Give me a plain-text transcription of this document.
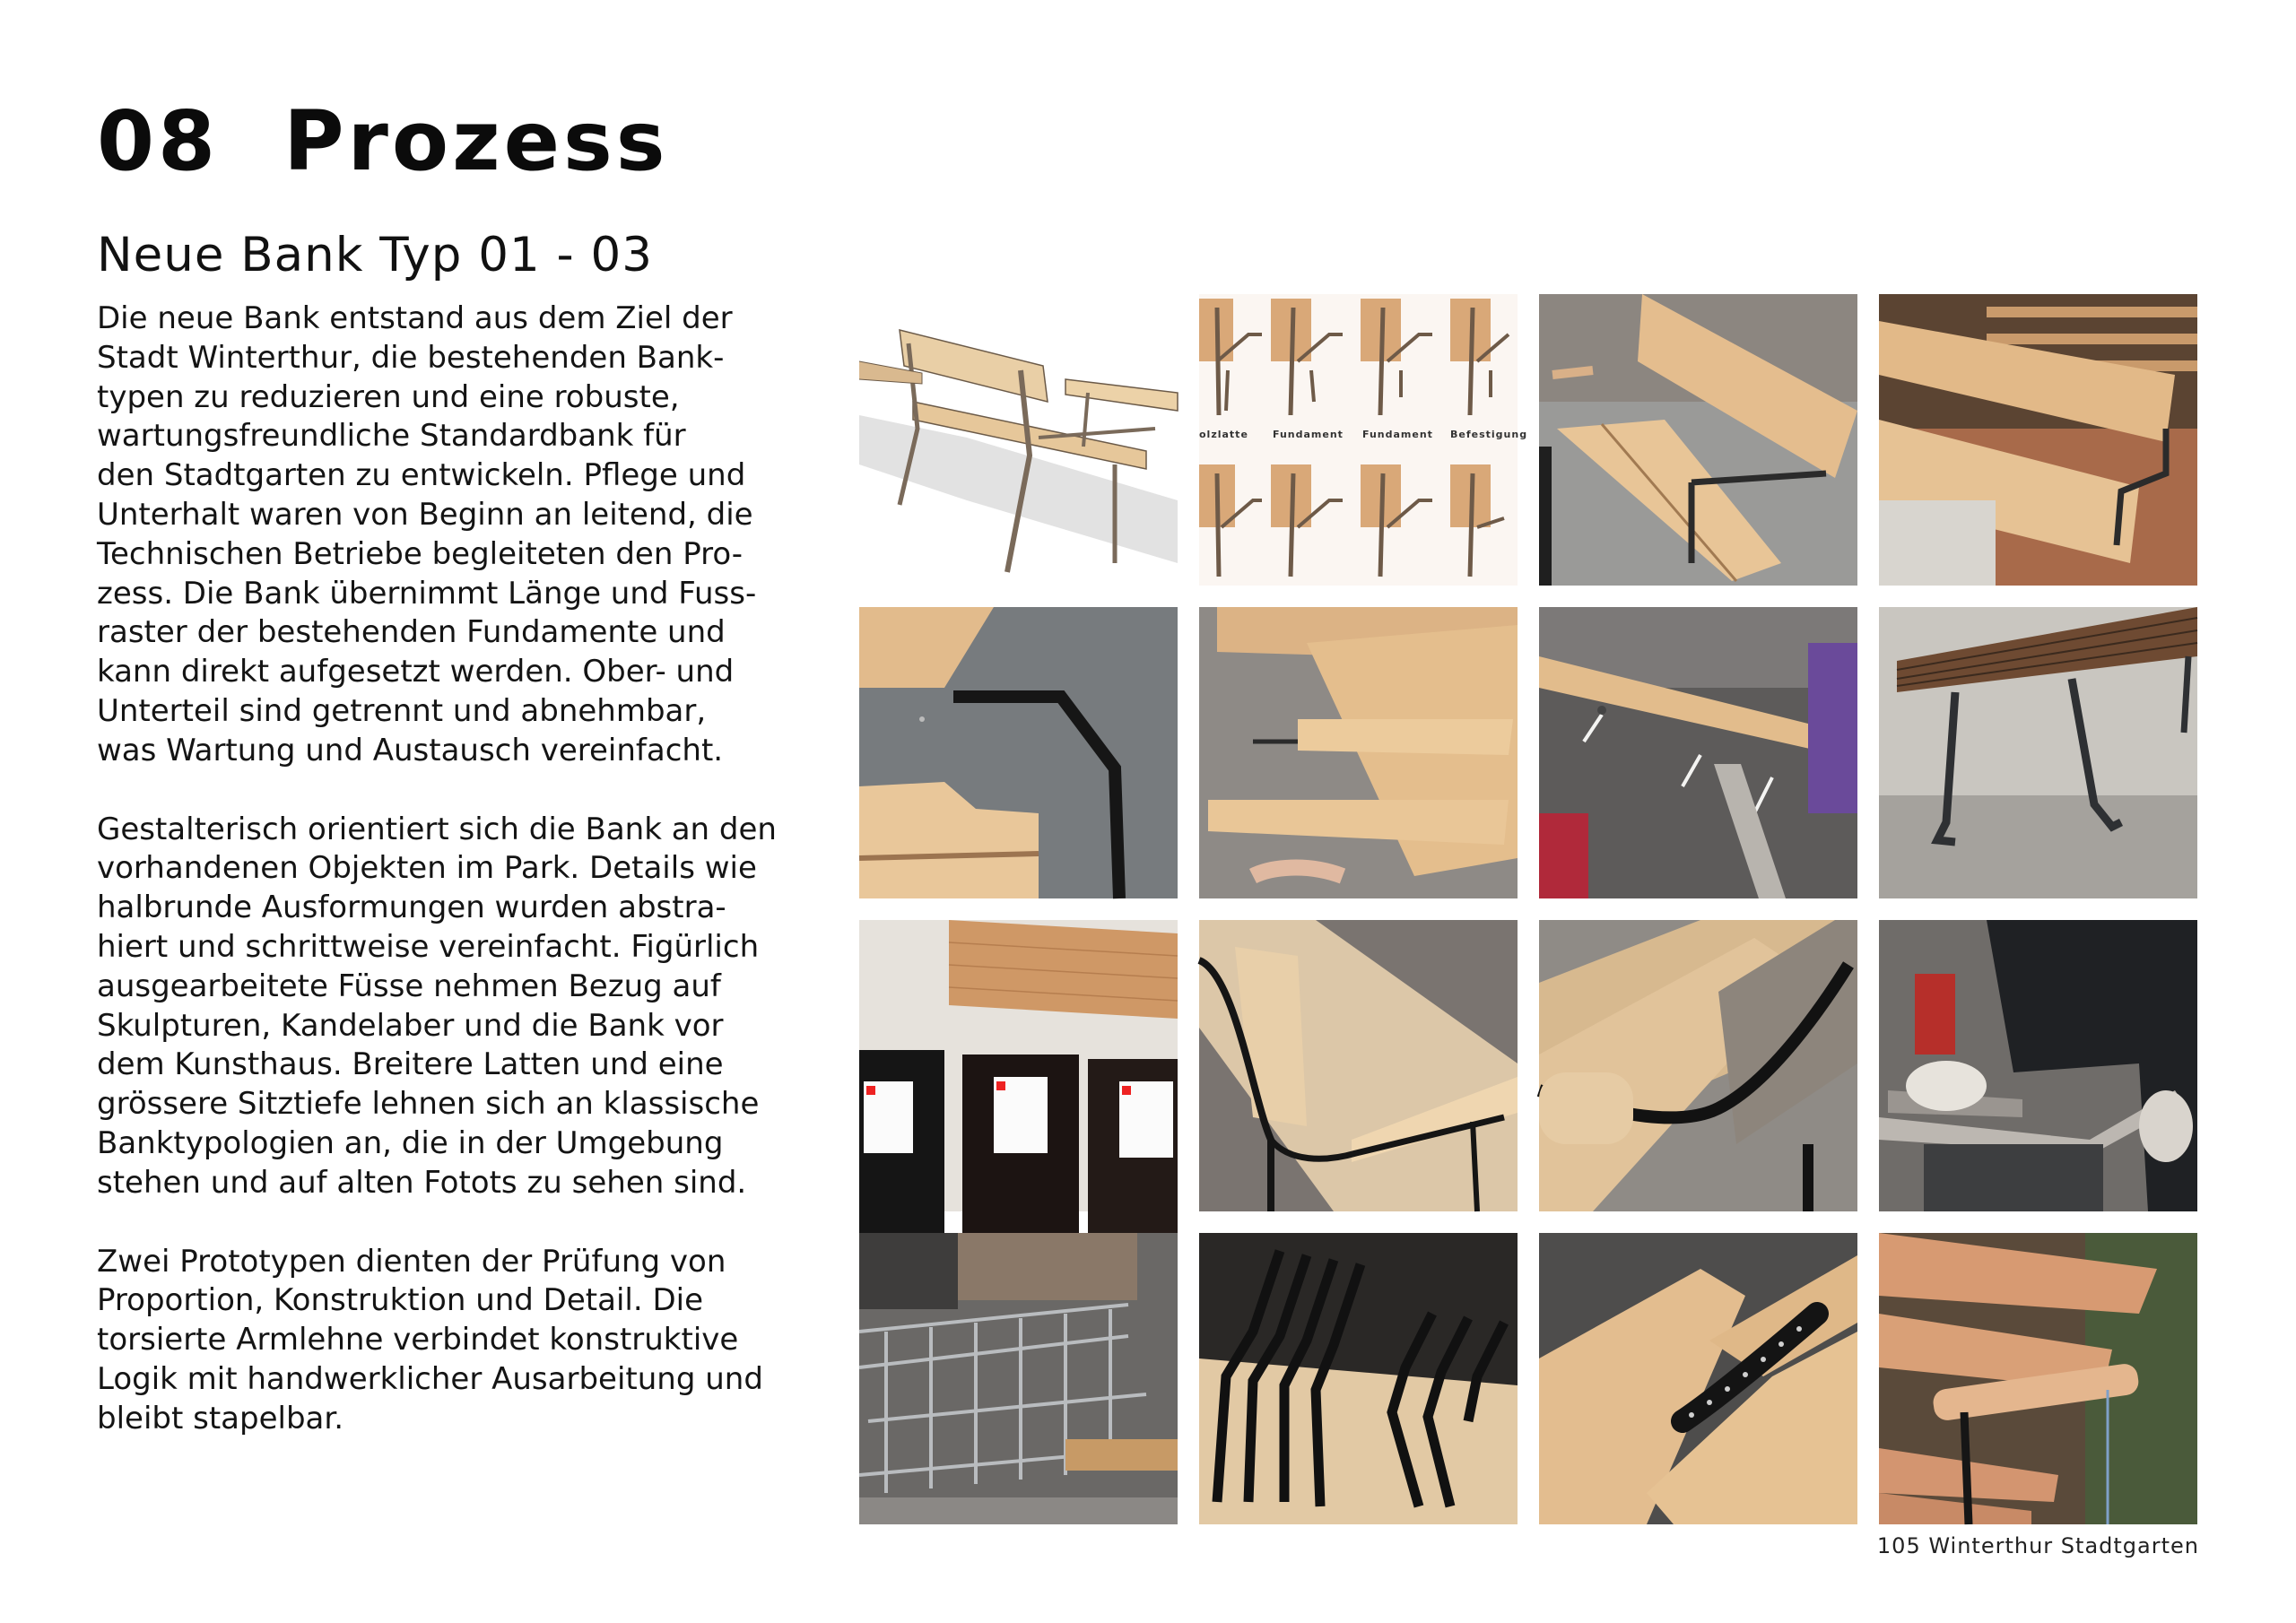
08  Prozess
Neue Bank Typ 01 - 03

Die neue Bank entstand aus dem Ziel der
Stadt Winterthur, die bestehenden Bank-
typen zu reduzieren und eine robuste,
wartungsfreundliche Standardbank für
den Stadtgarten zu entwickeln. Pflege und
Unterhalt waren von Beginn an leitend, die
Technischen Betriebe begleiteten den Pro-
zess. Die Bank übernimmt Länge und Fuss-
raster der bestehenden Fundamente und
kann direkt aufgesetzt werden. Ober- und
Unterteil sind getrennt und abnehmbar,
was Wartung und Austausch vereinfacht.

Gestalterisch orientiert sich die Bank an den
vorhandenen Objekten im Park. Details wie
halbrunde Ausformungen wurden abstra-
hiert und schrittweise vereinfacht. Figürlich
ausgearbeitete Füsse nehmen Bezug auf
Skulpturen, Kandelaber und die Bank vor
dem Kunsthaus. Breitere Latten und eine
grössere Sitztiefe lehnen sich an klassische
Banktypologien an, die in der Umgebung
stehen und auf alten Fotots zu sehen sind.

Zwei Prototypen dienten der Prüfung von
Proportion, Konstruktion und Detail. Die
torsierte Armlehne verbindet konstruktive
Logik mit handwerklicher Ausarbeitung und
bleibt stapelbar.

olzlatte Fundament Fundament Befestigung
105 Winterthur Stadtgarten
